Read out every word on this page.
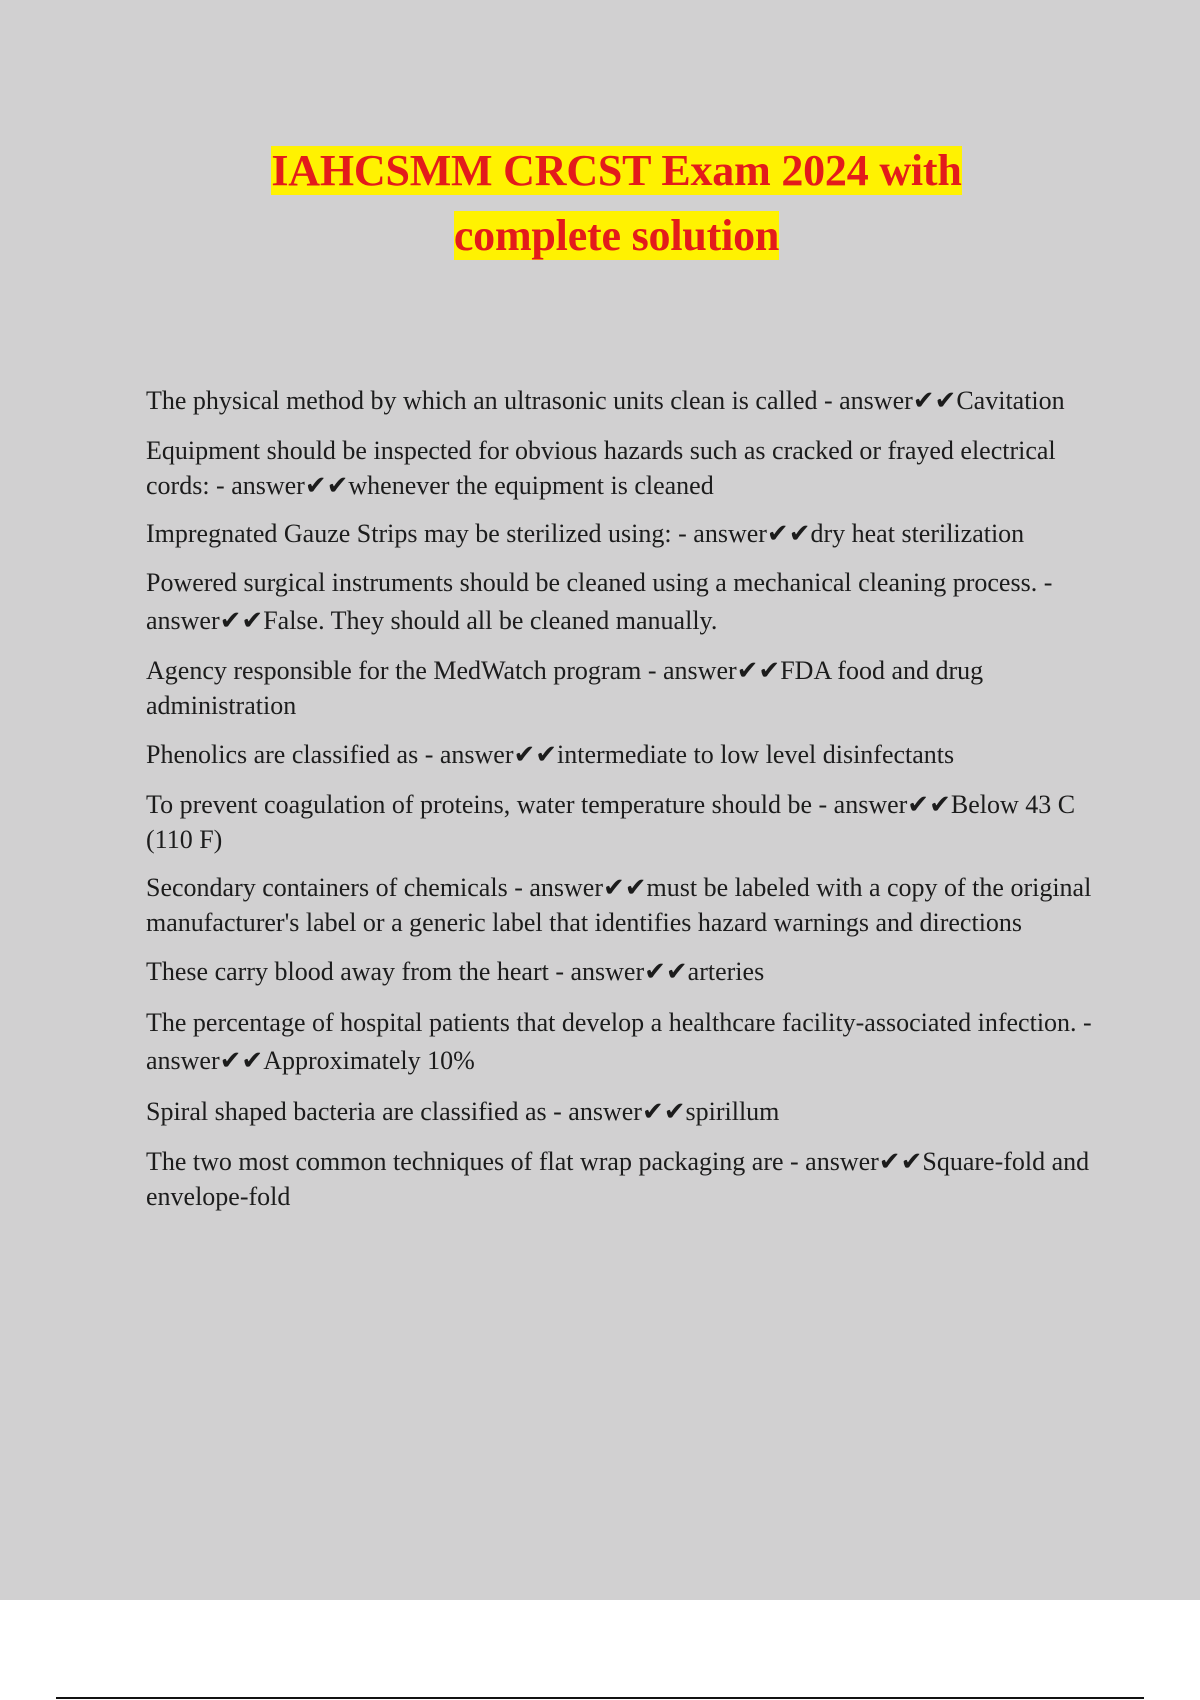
IAHCSMM CRCST Exam 2024 with
complete solution

The physical method by which an ultrasonic units clean is called - answer✔✔Cavitation

Equipment should be inspected for obvious hazards such as cracked or frayed electrical cords: - answer✔✔whenever the equipment is cleaned

Impregnated Gauze Strips may be sterilized using: - answer✔✔dry heat sterilization

Powered surgical instruments should be cleaned using a mechanical cleaning process. - answer✔✔False. They should all be cleaned manually.

Agency responsible for the MedWatch program - answer✔✔FDA food and drug administration

Phenolics are classified as - answer✔✔intermediate to low level disinfectants

To prevent coagulation of proteins, water temperature should be - answer✔✔Below 43 C (110 F)

Secondary containers of chemicals - answer✔✔must be labeled with a copy of the original manufacturer's label or a generic label that identifies hazard warnings and directions

These carry blood away from the heart - answer✔✔arteries

The percentage of hospital patients that develop a healthcare facility-associated infection. - answer✔✔Approximately 10%

Spiral shaped bacteria are classified as - answer✔✔spirillum

The two most common techniques of flat wrap packaging are - answer✔✔Square-fold and envelope-fold
